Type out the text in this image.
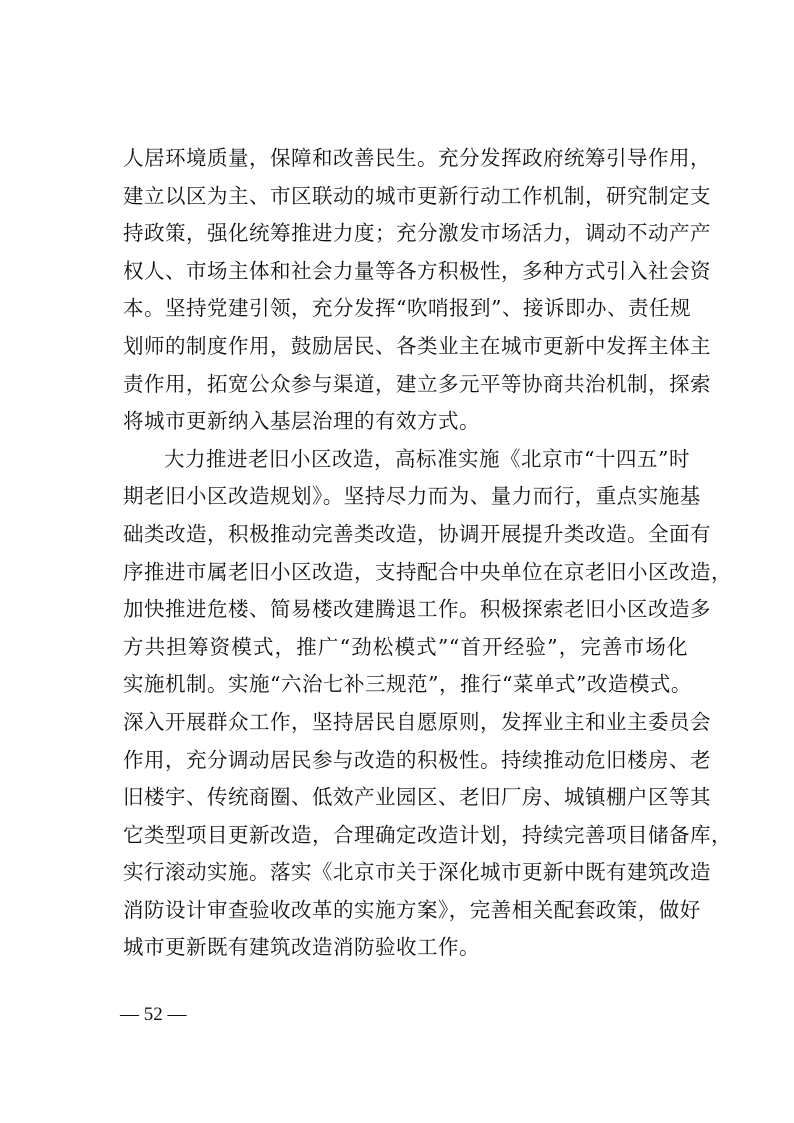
人居环境质量，保障和改善民生。充分发挥政府统筹引导作用，
建立以区为主、市区联动的城市更新行动工作机制，研究制定支
持政策，强化统筹推进力度；充分激发市场活力，调动不动产产
权人、市场主体和社会力量等各方积极性，多种方式引入社会资
本。坚持党建引领，充分发挥“吹哨报到”、接诉即办、责任规
划师的制度作用，鼓励居民、各类业主在城市更新中发挥主体主
责作用，拓宽公众参与渠道，建立多元平等协商共治机制，探索
将城市更新纳入基层治理的有效方式。
大力推进老旧小区改造，高标准实施《北京市“十四五”时
期老旧小区改造规划》。坚持尽力而为、量力而行，重点实施基
础类改造，积极推动完善类改造，协调开展提升类改造。全面有
序推进市属老旧小区改造，支持配合中央单位在京老旧小区改造，
加快推进危楼、简易楼改建腾退工作。积极探索老旧小区改造多
方共担筹资模式，推广“劲松模式”“首开经验”，完善市场化
实施机制。实施“六治七补三规范”，推行“菜单式”改造模式。
深入开展群众工作，坚持居民自愿原则，发挥业主和业主委员会
作用，充分调动居民参与改造的积极性。持续推动危旧楼房、老
旧楼宇、传统商圈、低效产业园区、老旧厂房、城镇棚户区等其
它类型项目更新改造，合理确定改造计划，持续完善项目储备库，
实行滚动实施。落实《北京市关于深化城市更新中既有建筑改造
消防设计审查验收改革的实施方案》，完善相关配套政策，做好
城市更新既有建筑改造消防验收工作。
— 52 —
